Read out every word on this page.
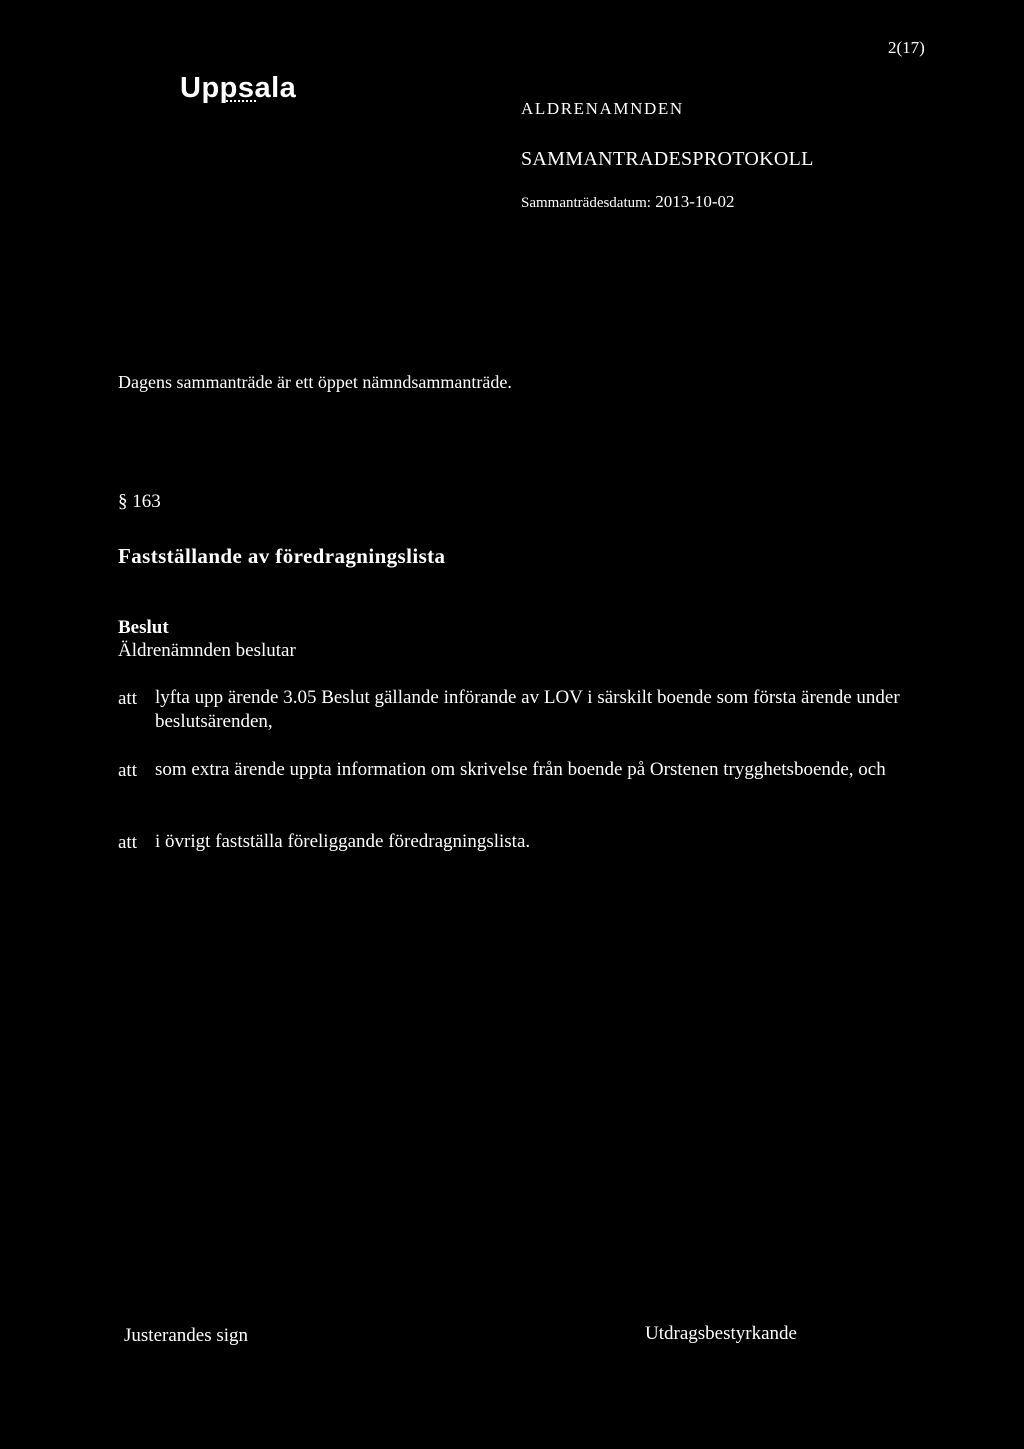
2(17)
Uppsala
ALDRENAMNDEN
SAMMANTRADESPROTOKOLL
Sammanträdesdatum: 2013-10-02
Dagens sammanträde är ett öppet nämndsammanträde.
§ 163
Fastställande av föredragningslista
Beslut
Äldrenämnden beslutar
att lyfta upp ärende 3.05 Beslut gällande införande av LOV i särskilt boende som första ärende under beslutsärenden,
att som extra ärende uppta information om skrivelse från boende på Orstenen trygghetsboende, och
att i övrigt fastställa föreliggande föredragningslista.
Justerandes sign	Utdragsbestyrkande
